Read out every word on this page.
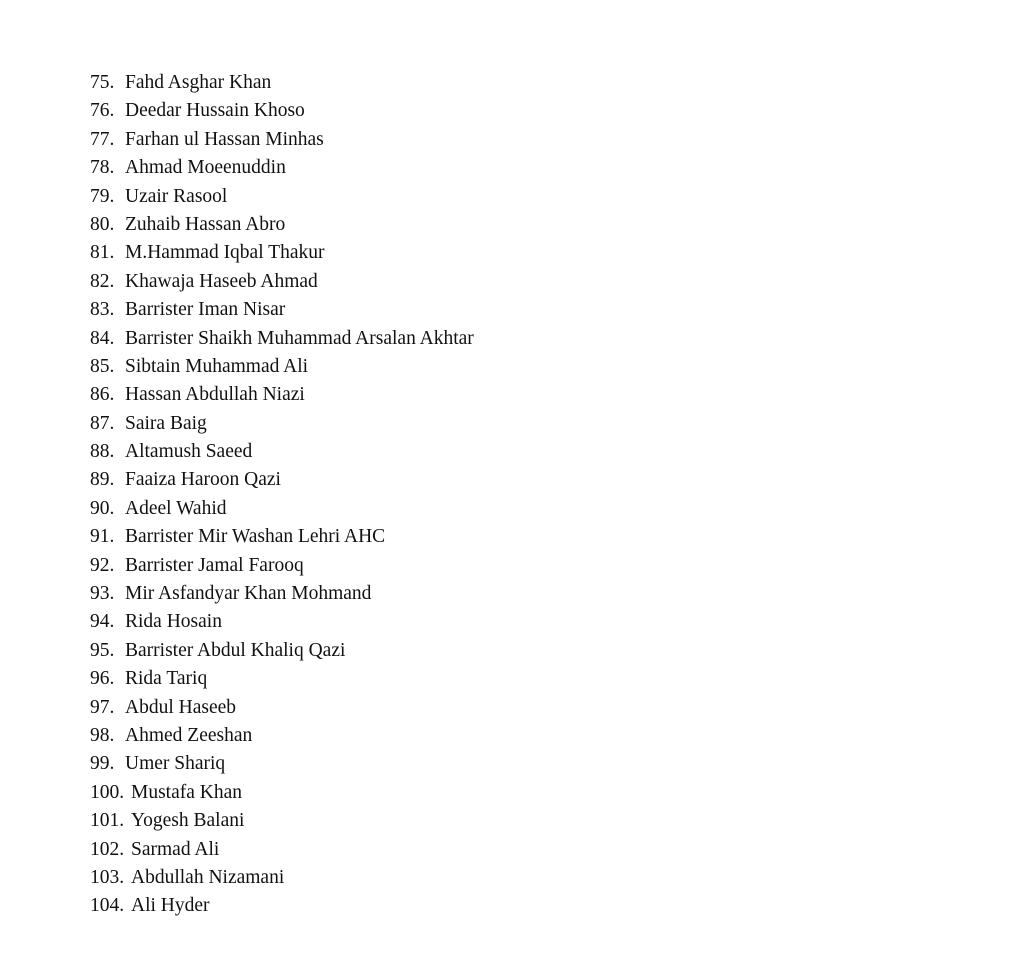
75. Fahd Asghar Khan
76. Deedar Hussain Khoso
77. Farhan ul Hassan Minhas
78. Ahmad Moeenuddin
79. Uzair Rasool
80. Zuhaib Hassan Abro
81. M.Hammad Iqbal Thakur
82. Khawaja Haseeb Ahmad
83. Barrister Iman Nisar
84. Barrister Shaikh Muhammad Arsalan Akhtar
85. Sibtain Muhammad Ali
86. Hassan Abdullah Niazi
87. Saira Baig
88. Altamush Saeed
89. Faaiza Haroon Qazi
90. Adeel Wahid
91. Barrister Mir Washan Lehri AHC
92. Barrister Jamal Farooq
93. Mir Asfandyar Khan Mohmand
94. Rida Hosain
95. Barrister Abdul Khaliq Qazi
96. Rida Tariq
97. Abdul Haseeb
98. Ahmed Zeeshan
99. Umer Shariq
100. Mustafa Khan
101. Yogesh Balani
102. Sarmad Ali
103. Abdullah Nizamani
104. Ali Hyder
